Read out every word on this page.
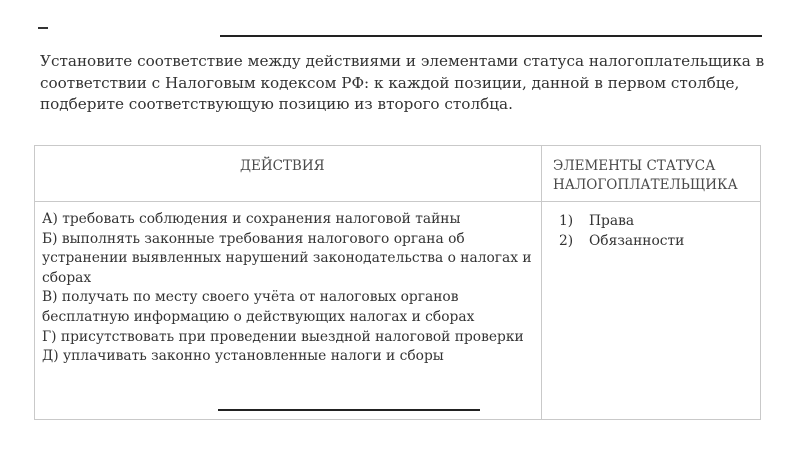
Установите соответствие между действиями и элементами статуса налогоплательщика в соответствии с Налоговым кодексом РФ: к каждой позиции, данной в первом столбце, подберите соответствующую позицию из второго столбца.

ДЕЙСТВИЯ	ЭЛЕМЕНТЫ СТАТУСА НАЛОГОПЛАТЕЛЬЩИКА
А) требовать соблюдения и сохранения налоговой тайны
Б) выполнять законные требования налогового органа об устранении выявленных нарушений законодательства о налогах и сборах
В) получать по месту своего учёта от налоговых органов бесплатную информацию о действующих налогах и сборах
Г) присутствовать при проведении выездной налоговой проверки
Д) уплачивать законно установленные налоги и сборы
1)	Права
2)	Обязанности
